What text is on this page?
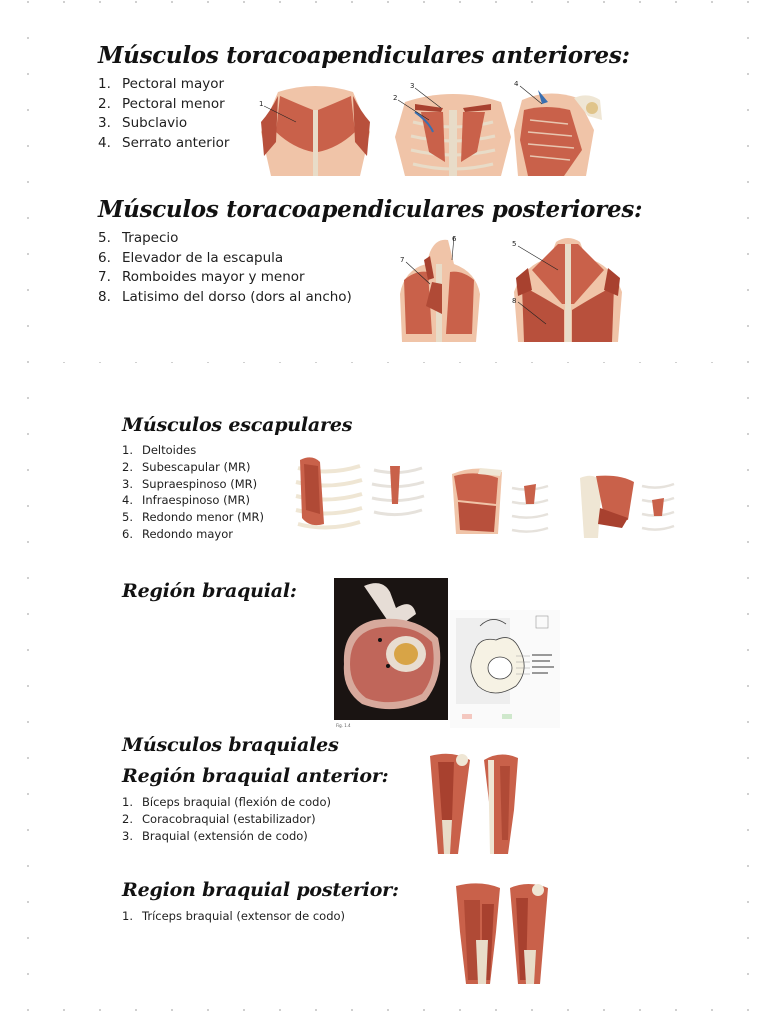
Músculos toracoapendiculares anteriores:
1. Pectoral mayor
2. Pectoral menor
3. Subclavio
4. Serrato anterior
1
2
3	4
Músculos toracoapendiculares posteriores:
5. Trapecio
6. Elevador de la escapula
7. Romboides mayor y menor
8. Latisimo del dorso (dors al ancho)
6
7
5
8
Músculos escapulares
1. Deltoides
2. Subescapular (MR)
3. Supraespinoso (MR)
4. Infraespinoso (MR)
5. Redondo menor (MR)
6. Redondo mayor
Región braquial:
Fig. 1.4
Músculos braquiales
Región braquial anterior:
1. Bíceps braquial (flexión de codo)
2. Coracobraquial (estabilizador)
3. Braquial (extensión de codo)
Region braquial posterior:
1. Tríceps braquial (extensor de codo)
